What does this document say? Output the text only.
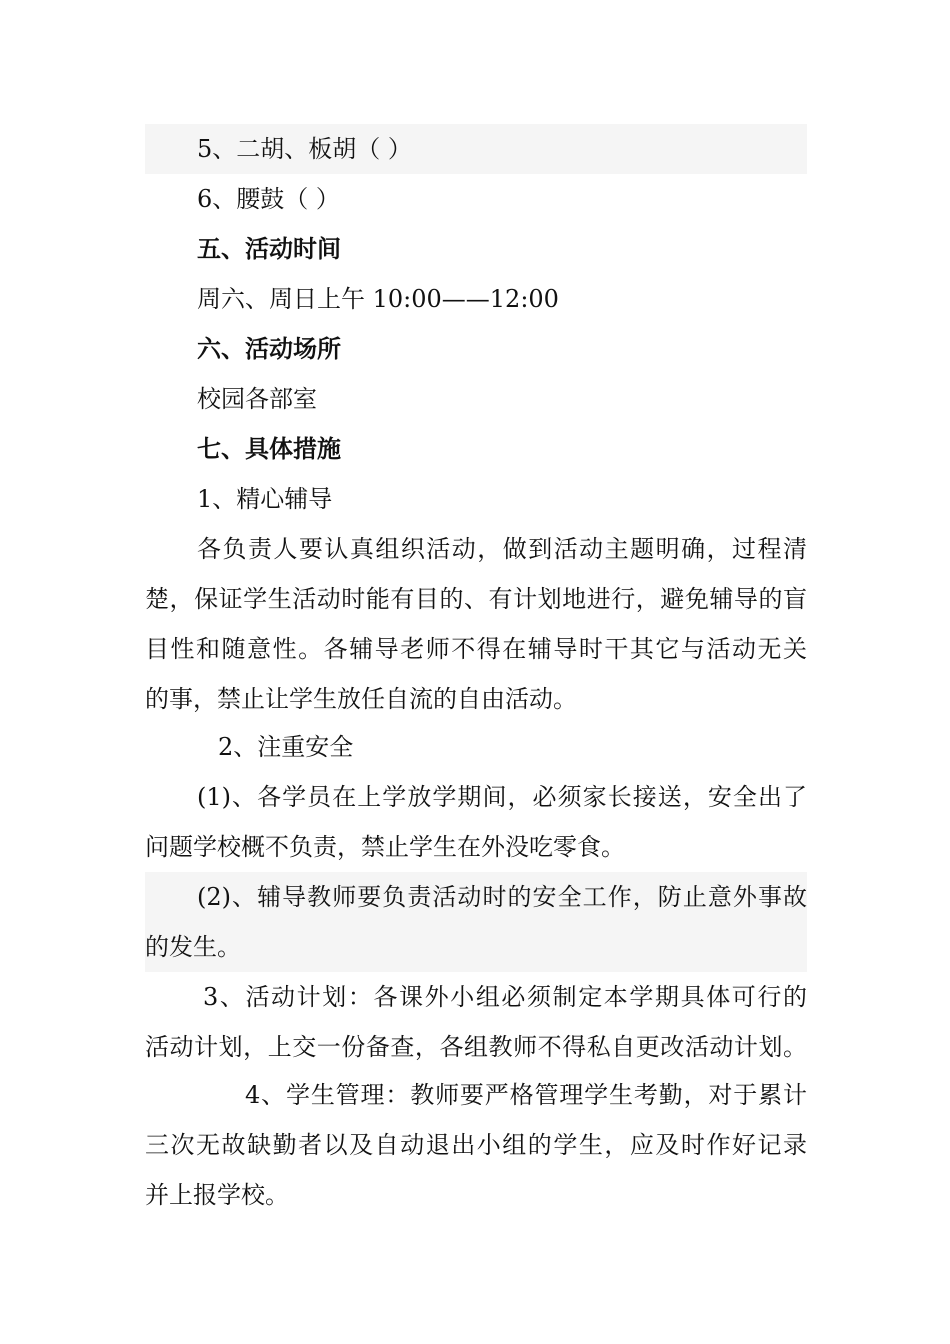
5、二胡、板胡（ ）
6、腰鼓（ ）
五、活动时间
周六、周日上午 10:00——12:00
六、活动场所
校园各部室
七、具体措施
1、精心辅导
各负责人要认真组织活动，做到活动主题明确，过程清
楚，保证学生活动时能有目的、有计划地进行，避免辅导的盲
目性和随意性。各辅导老师不得在辅导时干其它与活动无关
的事，禁止让学生放任自流的自由活动。
2、注重安全
(1)、各学员在上学放学期间，必须家长接送，安全出了
问题学校概不负责，禁止学生在外没吃零食。
(2)、辅导教师要负责活动时的安全工作，防止意外事故
的发生。
3、活动计划：各课外小组必须制定本学期具体可行的
活动计划，上交一份备查，各组教师不得私自更改活动计划。
4、学生管理：教师要严格管理学生考勤，对于累计
三次无故缺勤者以及自动退出小组的学生，应及时作好记录
并上报学校。
